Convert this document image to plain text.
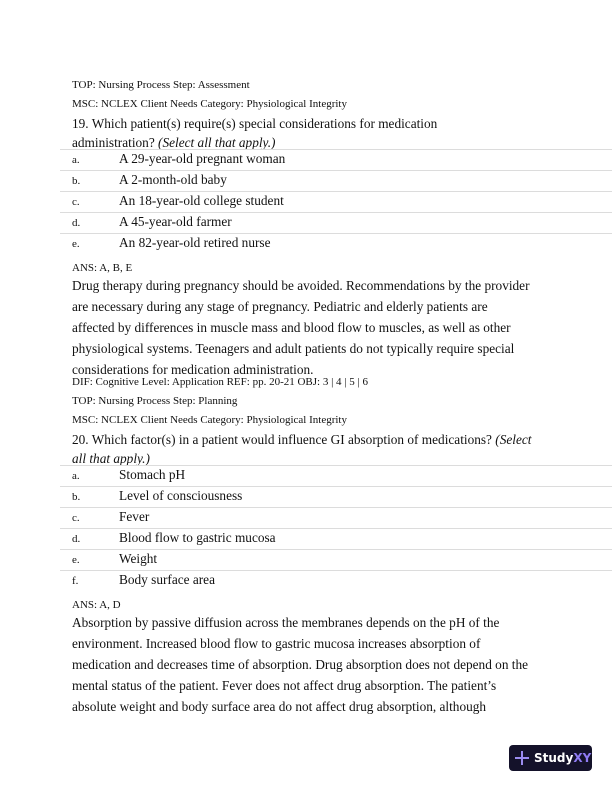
TOP: Nursing Process Step: Assessment
MSC: NCLEX Client Needs Category: Physiological Integrity
19. Which patient(s) require(s) special considerations for medication
administration? (Select all that apply.)
a.	A 29-year-old pregnant woman
b.	A 2-month-old baby
c.	An 18-year-old college student
d.	A 45-year-old farmer
e.	An 82-year-old retired nurse
ANS: A, B, E
Drug therapy during pregnancy should be avoided. Recommendations by the provider
are necessary during any stage of pregnancy. Pediatric and elderly patients are
affected by differences in muscle mass and blood flow to muscles, as well as other
physiological systems. Teenagers and adult patients do not typically require special
considerations for medication administration.
DIF: Cognitive Level: Application REF: pp. 20-21 OBJ: 3 | 4 | 5 | 6
TOP: Nursing Process Step: Planning
MSC: NCLEX Client Needs Category: Physiological Integrity
20. Which factor(s) in a patient would influence GI absorption of medications? (Select
all that apply.)
a.	Stomach pH
b.	Level of consciousness
c.	Fever
d.	Blood flow to gastric mucosa
e.	Weight
f.	Body surface area
ANS: A, D
Absorption by passive diffusion across the membranes depends on the pH of the
environment. Increased blood flow to gastric mucosa increases absorption of
medication and decreases time of absorption. Drug absorption does not depend on the
mental status of the patient. Fever does not affect drug absorption. The patient’s
absolute weight and body surface area do not affect drug absorption, although
Study XY
